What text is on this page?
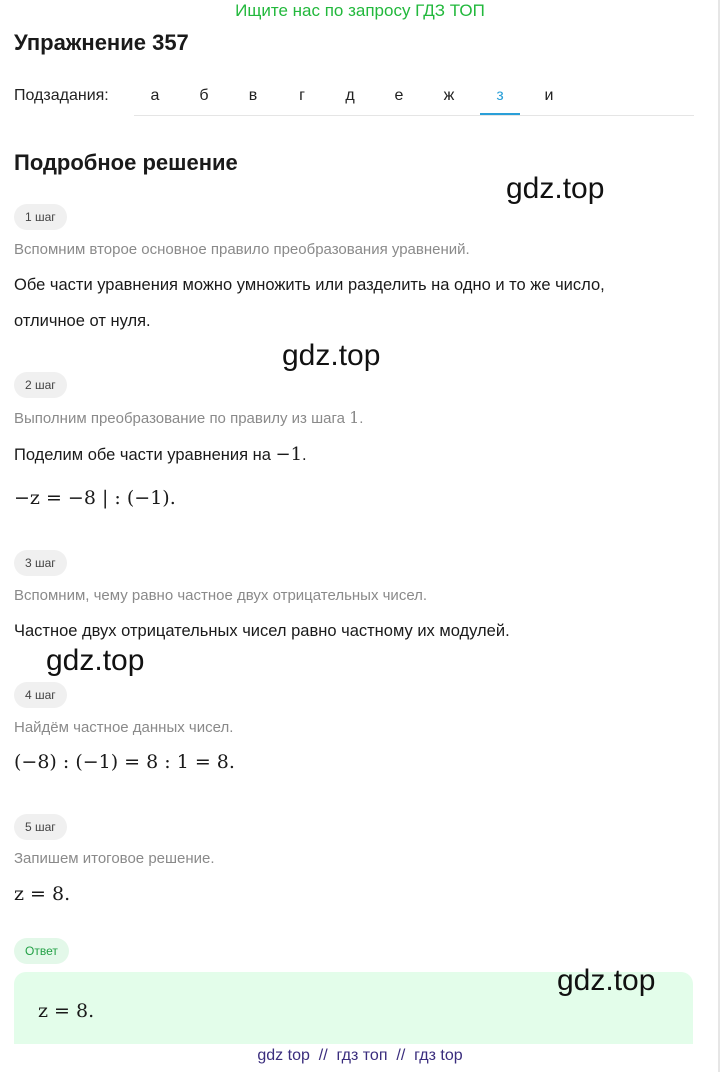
Ищите нас по запросу ГДЗ ТОП
Упражнение 357
Подзадания:	а	б	в	г	д	е	ж	з	и
Подробное решение
1 шаг
Вспомним второе основное правило преобразования уравнений.
Обе части уравнения можно умножить или разделить на одно и то же число,
отличное от нуля.
2 шаг
Выполним преобразование по правилу из шага 1.
Поделим обе части уравнения на −1.
−z = −8 | : (−1).
3 шаг
Вспомним, чему равно частное двух отрицательных чисел.
Частное двух отрицательных чисел равно частному их модулей.
4 шаг
Найдём частное данных чисел.
(−8) : (−1) = 8 : 1 = 8.
5 шаг
Запишем итоговое решение.
z = 8.
Ответ
z = 8.
gdz.top
gdz.top
gdz.top
gdz.top
gdz top  //  гдз топ  //  гдз top
